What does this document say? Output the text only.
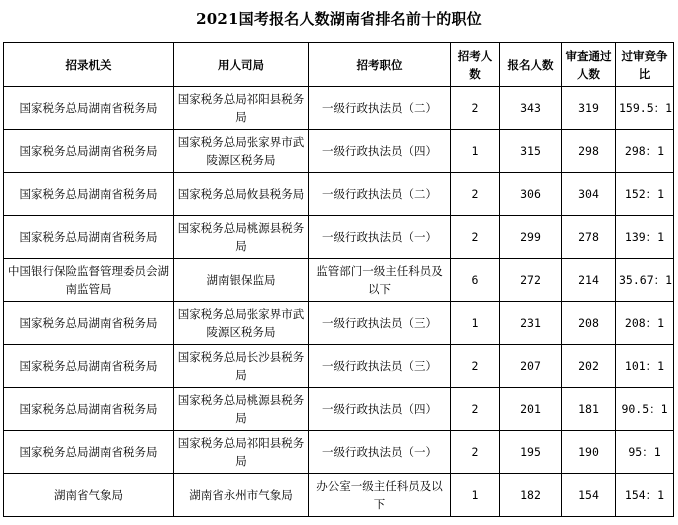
2021国考报名人数湖南省排名前十的职位
招录机关	用人司局	招考职位	招考人数	报名人数	审查通过人数	过审竞争比
国家税务总局湖南省税务局	国家税务总局祁阳县税务局	一级行政执法员（二）	2	343	319	159.5：1
国家税务总局湖南省税务局	国家税务总局张家界市武陵源区税务局	一级行政执法员（四）	1	315	298	298：1
国家税务总局湖南省税务局	国家税务总局攸县税务局	一级行政执法员（二）	2	306	304	152：1
国家税务总局湖南省税务局	国家税务总局桃源县税务局	一级行政执法员（一）	2	299	278	139：1
中国银行保险监督管理委员会湖南监管局	湖南银保监局	监管部门一级主任科员及以下	6	272	214	35.67：1
国家税务总局湖南省税务局	国家税务总局张家界市武陵源区税务局	一级行政执法员（三）	1	231	208	208：1
国家税务总局湖南省税务局	国家税务总局长沙县税务局	一级行政执法员（三）	2	207	202	101：1
国家税务总局湖南省税务局	国家税务总局桃源县税务局	一级行政执法员（四）	2	201	181	90.5：1
国家税务总局湖南省税务局	国家税务总局祁阳县税务局	一级行政执法员（一）	2	195	190	95：1
湖南省气象局	湖南省永州市气象局	办公室一级主任科员及以下	1	182	154	154：1
